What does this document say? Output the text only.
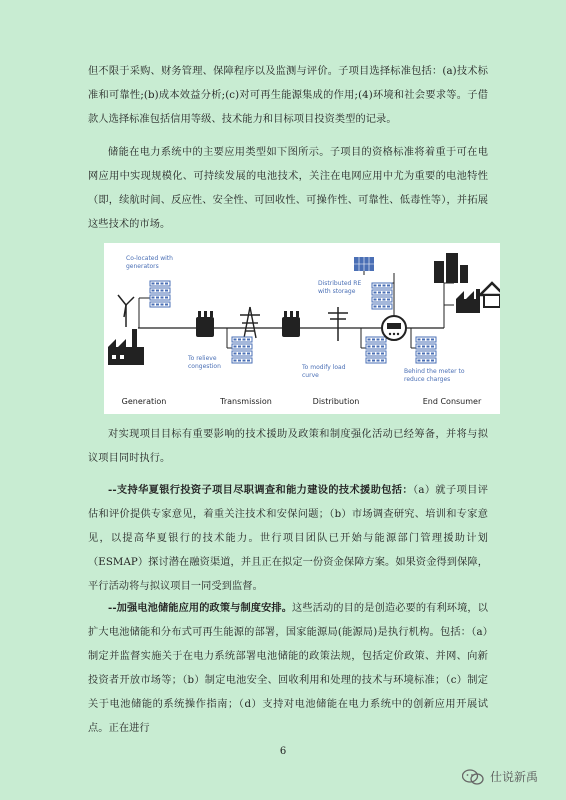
但不限于采购、财务管理、保障程序以及监测与评价。子项目选择标准包括：(a)技术标准和可靠性;(b)成本效益分析;(c)对可再生能源集成的作用;(4)环境和社会要求等。子借款人选择标准包括信用等级、技术能力和目标项目投资类型的记录。

储能在电力系统中的主要应用类型如下图所示。子项目的资格标准将着重于可在电网应用中实现规模化、可持续发展的电池技术，关注在电网应用中尤为重要的电池特性（即，续航时间、反应性、安全性、可回收性、可操作性、可靠性、低毒性等），并拓展这些技术的市场。

Co-located with
generators
To relieve
congestion	To modify load
curve
Distributed RE
with storage
Behind the meter to
reduce charges
Generation	Transmission	Distribution	End Consumer

对实现项目目标有重要影响的技术援助及政策和制度强化活动已经筹备，并将与拟议项目同时执行。

--支持华夏银行投资子项目尽职调查和能力建设的技术援助包括：（a）就子项目评估和评价提供专家意见，着重关注技术和安保问题；（b）市场调查研究、培训和专家意见，以提高华夏银行的技术能力。世行项目团队已开始与能源部门管理援助计划（ESMAP）探讨潜在融资渠道，并且正在拟定一份资金保障方案。如果资金得到保障，平行活动将与拟议项目一同受到监督。

--加强电池储能应用的政策与制度安排。这些活动的目的是创造必要的有利环境，以扩大电池储能和分布式可再生能源的部署，国家能源局(能源局)是执行机构。包括：（a）制定并监督实施关于在电力系统部署电池储能的政策法规，包括定价政策、并网、向新投资者开放市场等；（b）制定电池安全、回收利用和处理的技术与环境标准；（c）制定关于电池储能的系统操作指南；（d）支持对电池储能在电力系统中的创新应用开展试点。正在进行

6
仕说新禹
